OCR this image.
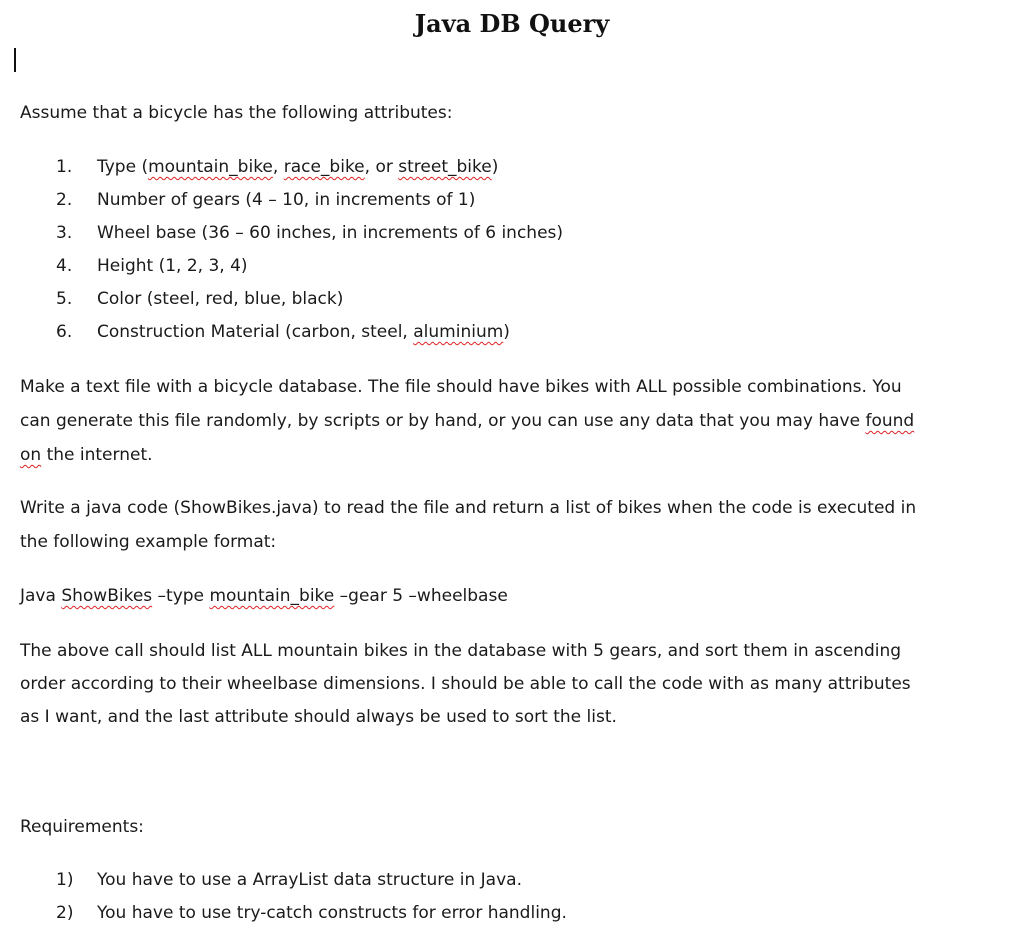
Java DB Query

Assume that a bicycle has the following attributes:

1.	Type (mountain_bike, race_bike, or street_bike)
2.	Number of gears (4 – 10, in increments of 1)
3.	Wheel base (36 – 60 inches, in increments of 6 inches)
4.	Height (1, 2, 3, 4)
5.	Color (steel, red, blue, black)
6.	Construction Material (carbon, steel, aluminium)

Make a text file with a bicycle database. The file should have bikes with ALL possible combinations. You

can generate this file randomly, by scripts or by hand, or you can use any data that you may have found

on the internet.

Write a java code (ShowBikes.java) to read the file and return a list of bikes when the code is executed in

the following example format:

Java ShowBikes –type mountain_bike –gear 5 –wheelbase

The above call should list ALL mountain bikes in the database with 5 gears, and sort them in ascending

order according to their wheelbase dimensions. I should be able to call the code with as many attributes

as I want, and the last attribute should always be used to sort the list.

Requirements:

1)	You have to use a ArrayList data structure in Java.
2)	You have to use try-catch constructs for error handling.
